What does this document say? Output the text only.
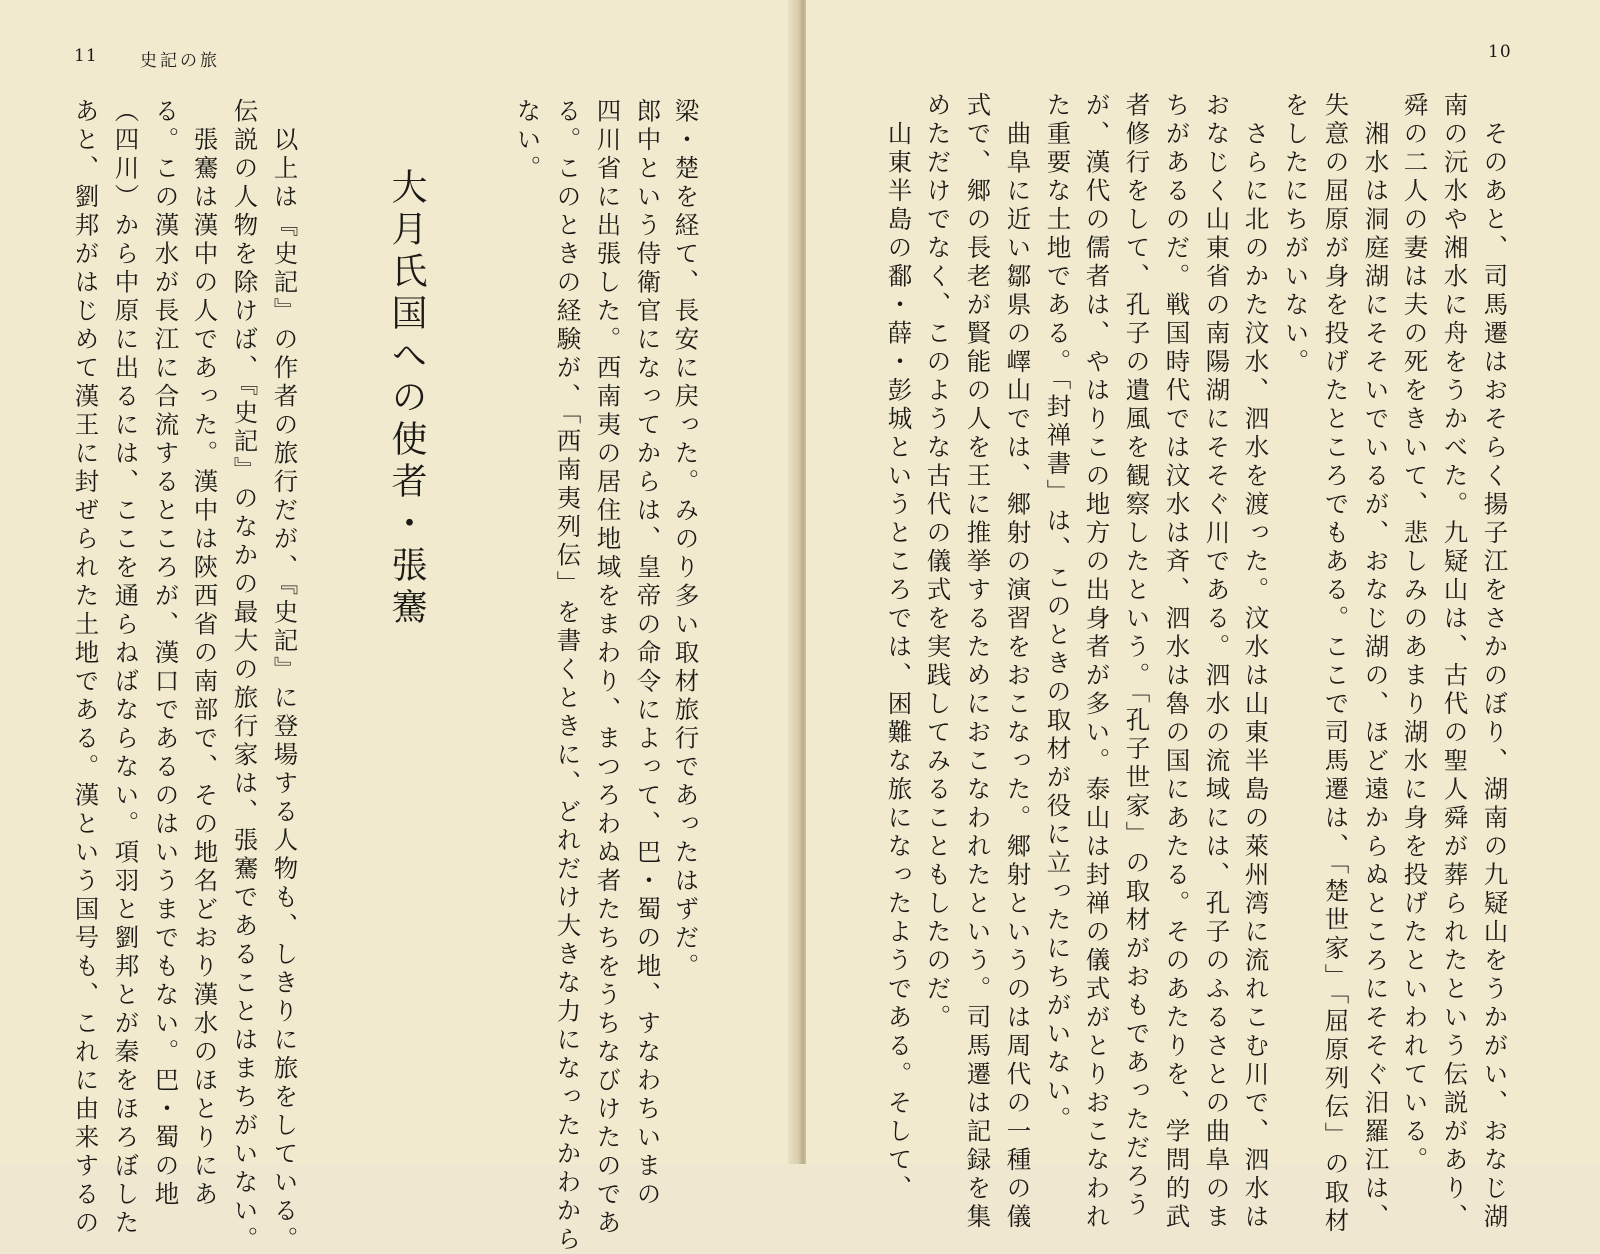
11 史記の旅
ない。 る。このときの経験が、「西南夷列伝」を書くときに、どれだけ大きな力になったかわから 四川省に出張した。西南夷の居住地域をまわり、まつろわぬ者たちをうちなびけたのであ 郎中という侍衛官になってからは、皇帝の命令によって、巴・蜀の地、すなわちいまの 梁・楚を経て、長安に戻った。みのり多い取材旅行であったはずだ。
大月氏国への使者・張騫
　以上は『史記』の作者の旅行だが、『史記』に登場する人物も、しきりに旅をしている。
伝説の人物を除けば、『史記』のなかの最大の旅行家は、張騫であることはまちがいない。
　張騫は漢中の人であった。漢中は陝西省の南部で、その地名どおり漢水のほとりにあ
る。この漢水が長江に合流するところが、漢口であるのはいうまでもない。巴・蜀の地
（四川）から中原に出るには、ここを通らねばならない。項羽と劉邦とが秦をほろぼした
あと、劉邦がはじめて漢王に封ぜられた土地である。漢という国号も、これに由来するの
10
　そのあと、司馬遷はおそらく揚子江をさかのぼり、湖南の九疑山をうかがい、おなじ湖
南の沅水や湘水に舟をうかべた。九疑山は、古代の聖人舜が葬られたという伝説があり、
舜の二人の妻は夫の死をきいて、悲しみのあまり湖水に身を投げたといわれている。
　湘水は洞庭湖にそそいでいるが、おなじ湖の、ほど遠からぬところにそそぐ汨羅江は、
失意の屈原が身を投げたところでもある。ここで司馬遷は、「楚世家」「屈原列伝」の取材
をしたにちがいない。
　さらに北のかた汶水、泗水を渡った。汶水は山東半島の萊州湾に流れこむ川で、泗水は
おなじく山東省の南陽湖にそそぐ川である。泗水の流域には、孔子のふるさとの曲阜のま
ちがあるのだ。戦国時代では汶水は斉、泗水は魯の国にあたる。そのあたりを、学問的武
者修行をして、孔子の遺風を観察したという。「孔子世家」の取材がおもであっただろう
が、漢代の儒者は、やはりこの地方の出身者が多い。泰山は封禅の儀式がとりおこなわれ
た重要な土地である。「封禅書」は、このときの取材が役に立ったにちがいない。
　曲阜に近い鄒県の嶧山では、郷射の演習をおこなった。郷射というのは周代の一種の儀
式で、郷の長老が賢能の人を王に推挙するためにおこなわれたという。司馬遷は記録を集
めただけでなく、このような古代の儀式を実践してみることもしたのだ。
　山東半島の鄱・薛・彭城というところでは、困難な旅になったようである。そして、
